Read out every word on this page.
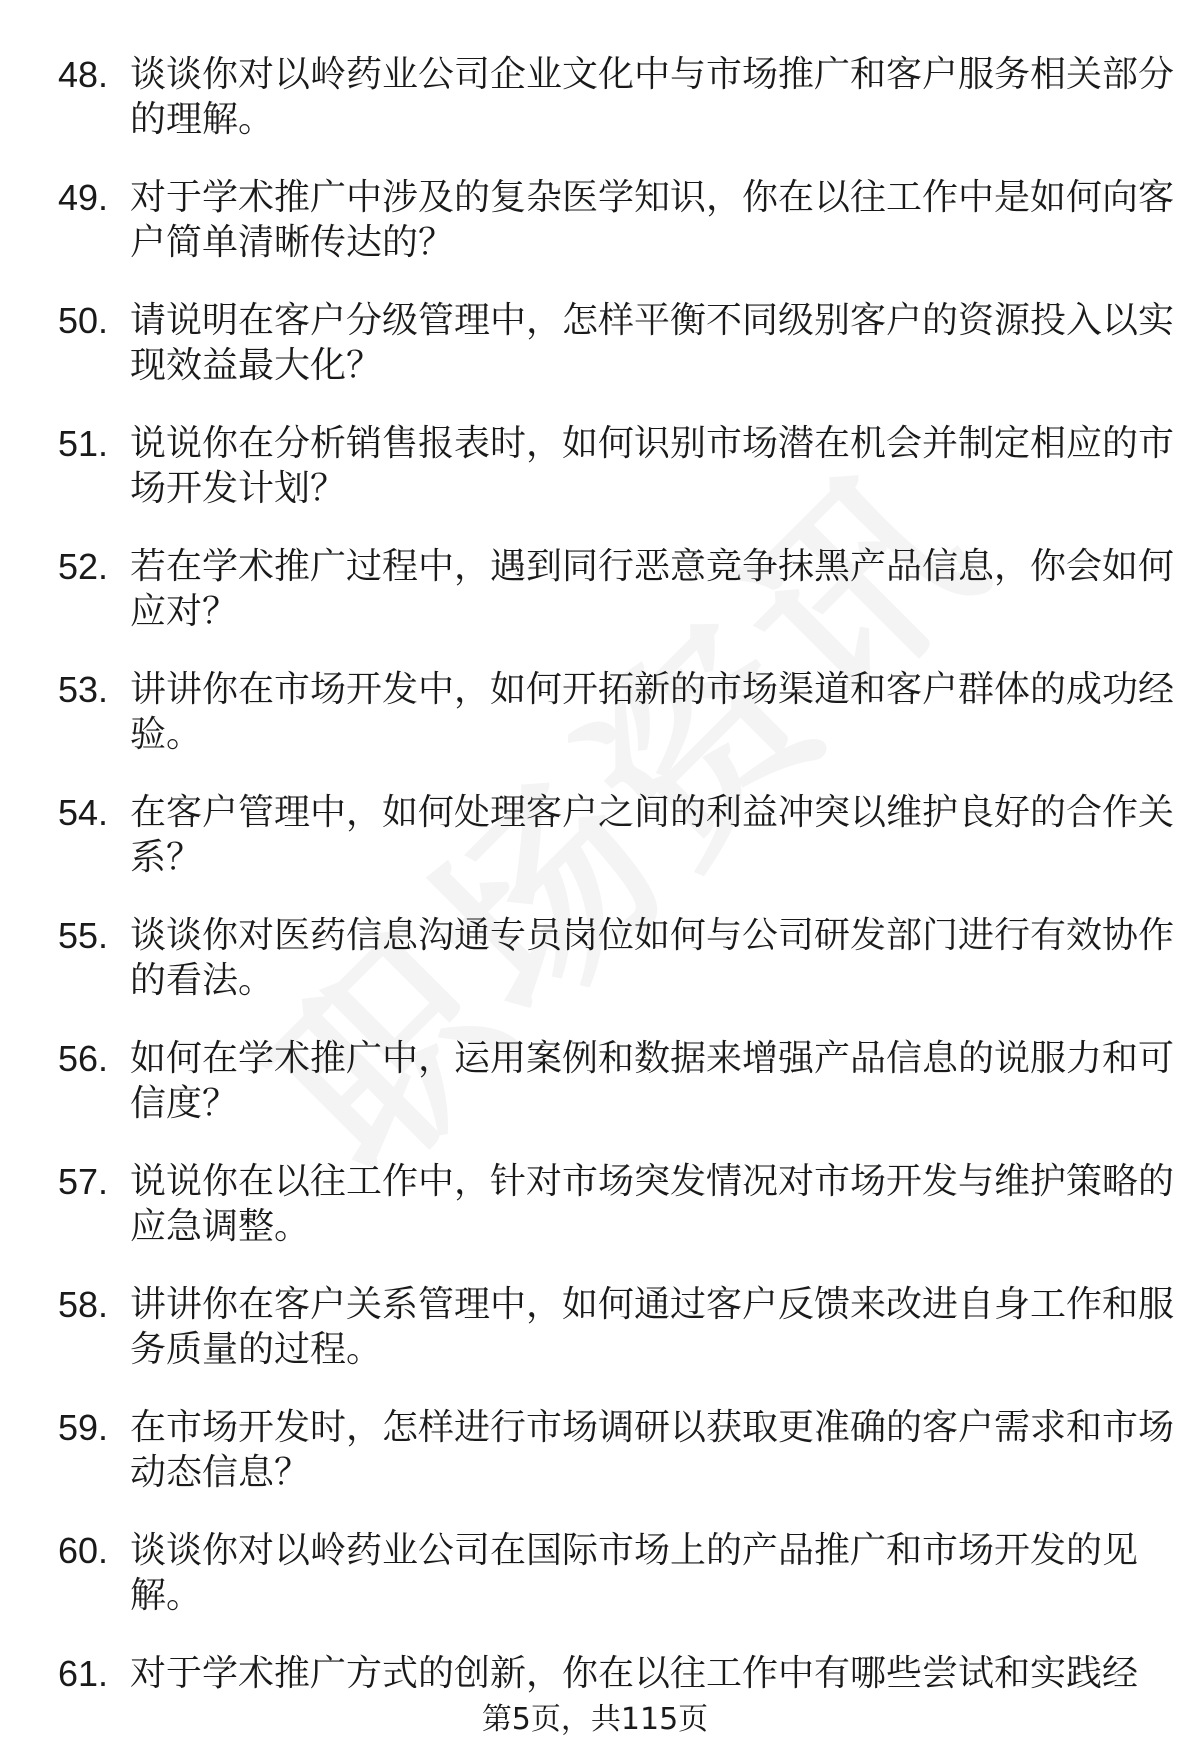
48. 谈谈你对以岭药业公司企业文化中与市场推广和客户服务相关部分的理解。
49. 对于学术推广中涉及的复杂医学知识，你在以往工作中是如何向客户简单清晰传达的？
50. 请说明在客户分级管理中，怎样平衡不同级别客户的资源投入以实现效益最大化？
51. 说说你在分析销售报表时，如何识别市场潜在机会并制定相应的市场开发计划？
52. 若在学术推广过程中，遇到同行恶意竞争抹黑产品信息，你会如何应对？
53. 讲讲你在市场开发中，如何开拓新的市场渠道和客户群体的成功经验。
54. 在客户管理中，如何处理客户之间的利益冲突以维护良好的合作关系？
55. 谈谈你对医药信息沟通专员岗位如何与公司研发部门进行有效协作的看法。
56. 如何在学术推广中，运用案例和数据来增强产品信息的说服力和可信度？
57. 说说你在以往工作中，针对市场突发情况对市场开发与维护策略的应急调整。
58. 讲讲你在客户关系管理中，如何通过客户反馈来改进自身工作和服务质量的过程。
59. 在市场开发时，怎样进行市场调研以获取更准确的客户需求和市场动态信息？
60. 谈谈你对以岭药业公司在国际市场上的产品推广和市场开发的见解。
61. 对于学术推广方式的创新，你在以往工作中有哪些尝试和实践经
第5页，共115页
